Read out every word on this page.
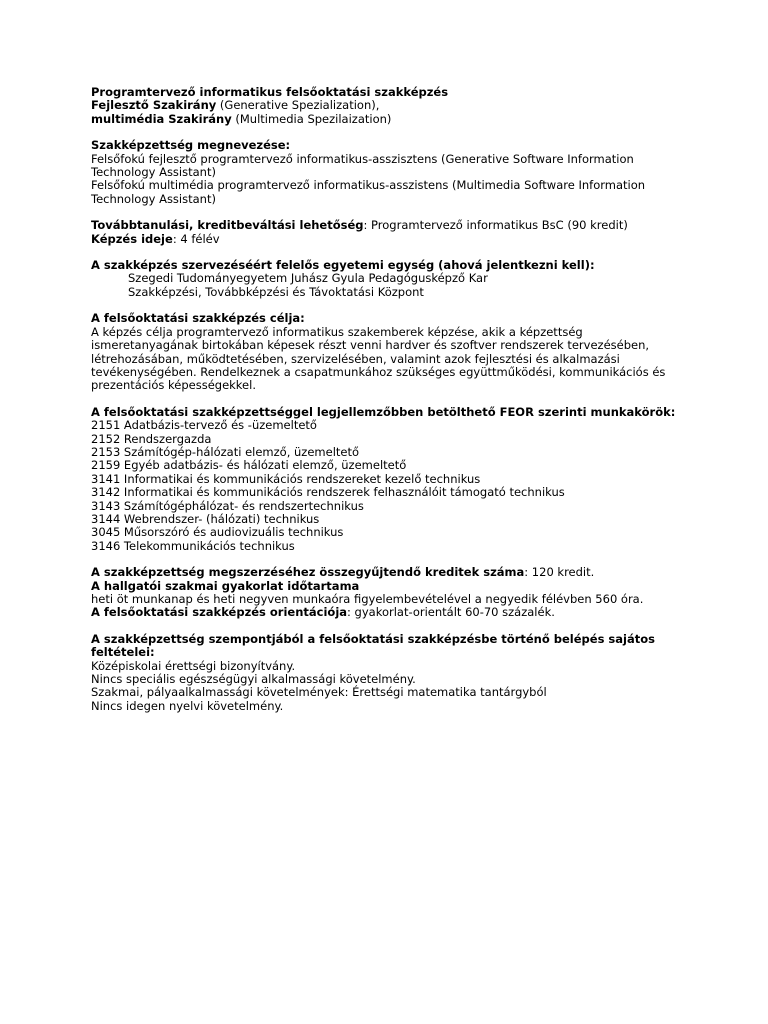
Programtervező informatikus felsőoktatási szakképzés
Fejlesztő Szakirány (Generative Spezialization),
multimédia Szakirány (Multimedia Spezilaization)
Szakképzettség megnevezése:
Felsőfokú fejlesztő programtervező informatikus-asszisztens (Generative Software Information Technology Assistant)
Felsőfokú multimédia programtervező informatikus-asszistens (Multimedia Software Information Technology Assistant)
Továbbtanulási, kreditbeváltási lehetőség: Programtervező informatikus BsC (90 kredit)
Képzés ideje: 4 félév
A szakképzés szervezéséért felelős egyetemi egység (ahová jelentkezni kell):
Szegedi Tudományegyetem Juhász Gyula Pedagógusképző Kar
Szakképzési, Továbbképzési és Távoktatási Központ
A felsőoktatási szakképzés célja:
A képzés célja programtervező informatikus szakemberek képzése, akik a képzettség ismeretanyagának birtokában képesek részt venni hardver és szoftver rendszerek tervezésében, létrehozásában, működtetésében, szervizelésében, valamint azok fejlesztési és alkalmazási tevékenységében. Rendelkeznek a csapatmunkához szükséges együttműködési, kommunikációs és prezentációs képességekkel.
A felsőoktatási szakképzettséggel legjellemzőbben betölthető FEOR szerinti munkakörök:
2151 Adatbázis-tervező és -üzemeltető
2152 Rendszergazda
2153 Számítógép-hálózati elemző, üzemeltető
2159 Egyéb adatbázis- és hálózati elemző, üzemeltető
3141 Informatikai és kommunikációs rendszereket kezelő technikus
3142 Informatikai és kommunikációs rendszerek felhasználóit támogató technikus
3143 Számítógéphálózat- és rendszertechnikus
3144 Webrendszer- (hálózati) technikus
3045 Műsorszóró és audiovizuális technikus
3146 Telekommunikációs technikus
A szakképzettség megszerzéséhez összegyűjtendő kreditek száma: 120 kredit.
A hallgatói szakmai gyakorlat időtartama
heti öt munkanap és heti negyven munkaóra figyelembevételével a negyedik félévben 560 óra.
A felsőoktatási szakképzés orientációja: gyakorlat-orientált 60-70 százalék.
A szakképzettség szempontjából a felsőoktatási szakképzésbe történő belépés sajátos feltételei:
Középiskolai érettségi bizonyítvány.
Nincs speciális egészségügyi alkalmassági követelmény.
Szakmai, pályaalkalmassági követelmények: Érettségi matematika tantárgyból
Nincs idegen nyelvi követelmény.
